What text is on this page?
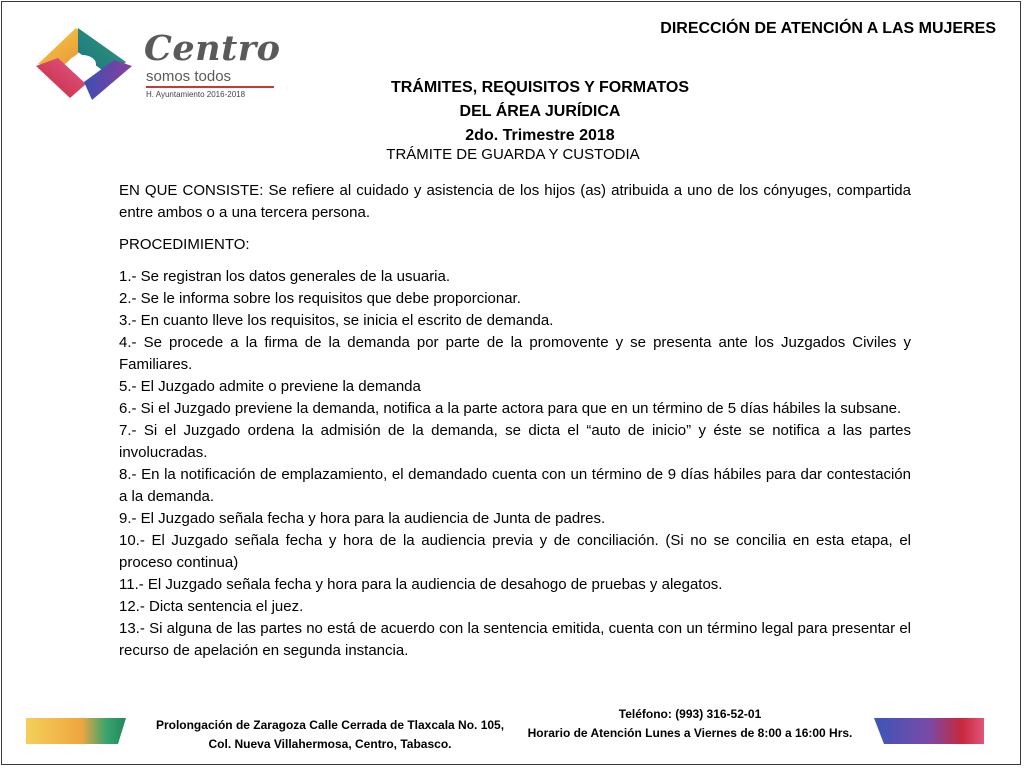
Centro
somos todos
H. Ayuntamiento 2016-2018
DIRECCIÓN DE ATENCIÓN A LAS MUJERES
TRÁMITES, REQUISITOS Y FORMATOS
DEL ÁREA JURÍDICA
2do. Trimestre 2018
TRÁMITE DE GUARDA Y CUSTODIA

EN QUE CONSISTE: Se refiere al cuidado y asistencia de los hijos (as) atribuida a uno de los cónyuges, compartida entre ambos o a una tercera persona.

PROCEDIMIENTO:

1.- Se registran los datos generales de la usuaria.
2.- Se le informa sobre los requisitos que debe proporcionar.
3.- En cuanto lleve los requisitos, se inicia el escrito de demanda.
4.- Se procede a la firma de la demanda por parte de la promovente y se presenta ante los Juzgados Civiles y Familiares.
5.- El Juzgado admite o previene la demanda
6.- Si el Juzgado previene la demanda, notifica a la parte actora para que en un término de 5 días hábiles la subsane.
7.- Si el Juzgado ordena la admisión de la demanda, se dicta el “auto de inicio” y éste se notifica a las partes involucradas.
8.- En la notificación de emplazamiento, el demandado cuenta con un término de 9 días hábiles para dar contestación a la demanda.
9.- El Juzgado señala fecha y hora para la audiencia de Junta de padres.
10.- El Juzgado señala fecha y hora de la audiencia previa y de conciliación. (Si no se concilia en esta etapa, el proceso continua)
11.- El Juzgado señala fecha y hora para la audiencia de desahogo de pruebas y alegatos.
12.- Dicta sentencia el juez.
13.- Si alguna de las partes no está de acuerdo con la sentencia emitida, cuenta con un término legal para presentar el recurso de apelación en segunda instancia.
Prolongación de Zaragoza Calle Cerrada de Tlaxcala No. 105,
Col. Nueva Villahermosa, Centro, Tabasco.
Teléfono: (993) 316-52-01
Horario de Atención Lunes a Viernes de 8:00 a 16:00 Hrs.
